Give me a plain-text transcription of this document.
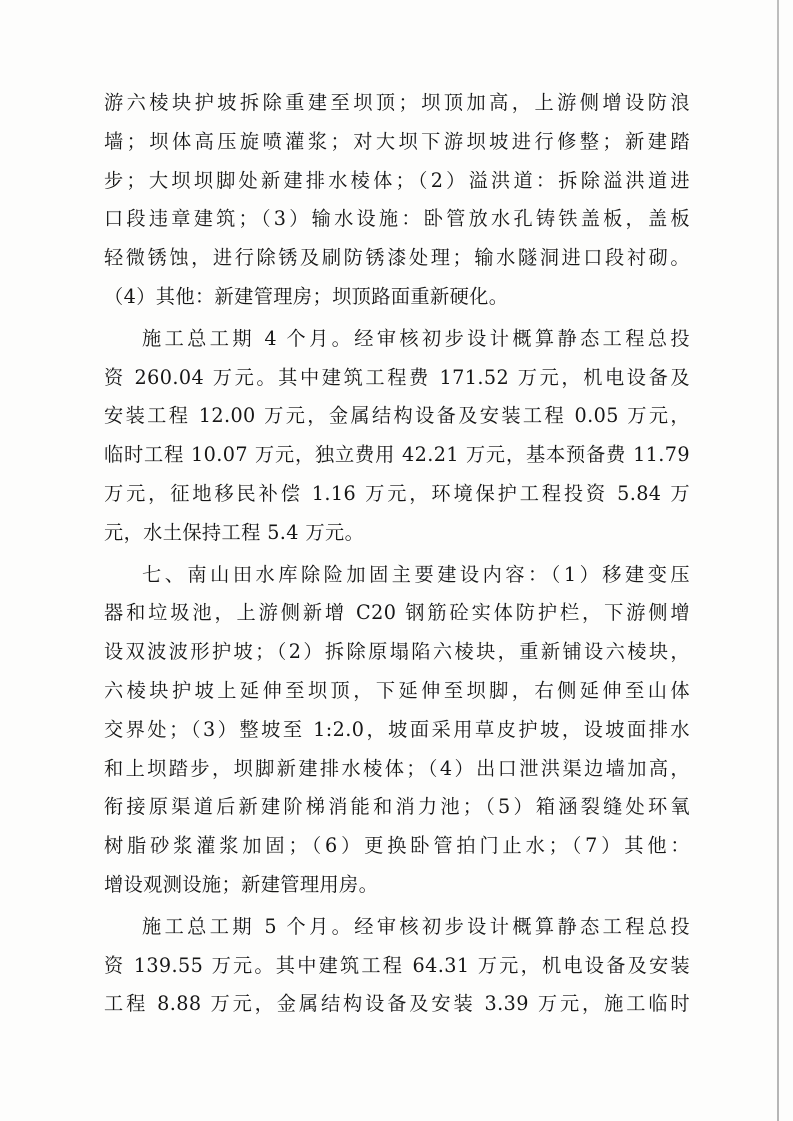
游六棱块护坡拆除重建至坝顶；坝顶加高，上游侧增设防浪
墙；坝体高压旋喷灌浆；对大坝下游坝坡进行修整；新建踏
步；大坝坝脚处新建排水棱体；（2）溢洪道：拆除溢洪道进
口段违章建筑；（3）输水设施：卧管放水孔铸铁盖板，盖板
轻微锈蚀，进行除锈及刷防锈漆处理；输水隧洞进口段衬砌。
（4）其他：新建管理房；坝顶路面重新硬化。
施工总工期 4 个月。经审核初步设计概算静态工程总投
资 260.04 万元。其中建筑工程费 171.52 万元，机电设备及
安装工程 12.00 万元，金属结构设备及安装工程 0.05 万元，
临时工程 10.07 万元，独立费用 42.21 万元，基本预备费 11.79
万元，征地移民补偿 1.16 万元，环境保护工程投资 5.84 万
元，水土保持工程 5.4 万元。
七、南山田水库除险加固主要建设内容：（1）移建变压
器和垃圾池，上游侧新增 C20 钢筋砼实体防护栏，下游侧增
设双波波形护坡；（2）拆除原塌陷六棱块，重新铺设六棱块，
六棱块护坡上延伸至坝顶，下延伸至坝脚，右侧延伸至山体
交界处；（3）整坡至 1:2.0，坡面采用草皮护坡，设坡面排水
和上坝踏步，坝脚新建排水棱体；（4）出口泄洪渠边墙加高，
衔接原渠道后新建阶梯消能和消力池；（5）箱涵裂缝处环氧
树脂砂浆灌浆加固；（6）更换卧管拍门止水；（7）其他：
增设观测设施；新建管理用房。
施工总工期 5 个月。经审核初步设计概算静态工程总投
资 139.55 万元。其中建筑工程 64.31 万元，机电设备及安装
工程 8.88 万元，金属结构设备及安装 3.39 万元，施工临时
